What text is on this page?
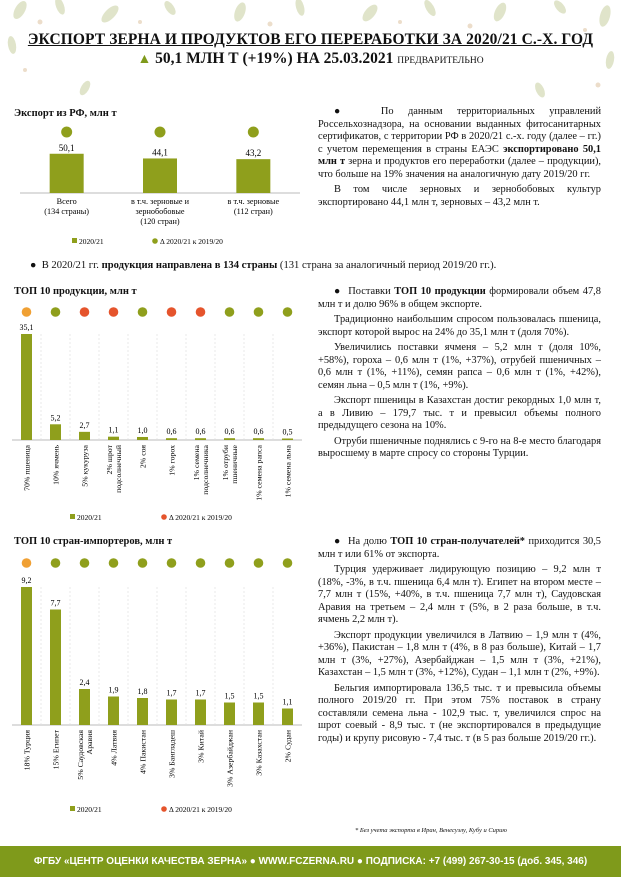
ЭКСПОРТ ЗЕРНА И ПРОДУКТОВ ЕГО ПЕРЕРАБОТКИ ЗА 2020/21 С.-Х. ГОД
▲ 50,1 МЛН Т (+19%) НА 25.03.2021 ПРЕДВАРИТЕЛЬНО
Экспорт из РФ, млн т
50,1
Всего
(134 страны)
44,1
в т.ч. зерновые и
зернобобовые
(120 стран)
43,2
в т.ч. зерновые
(112 стран)
2020/21	Δ 2020/21 к 2019/20

●  По данным территориальных управлений Россельхознадзора, на основании выданных фитосанитарных сертификатов, с территории РФ в 2020/21 с.-х. году (далее – гг.) с учетом перемещения в страны ЕАЭС экспортировано 50,1 млн т зерна и продуктов его переработки (далее – продукции), что больше на 19% значения на аналогичную дату 2019/20 гг.

В том числе зерновых и зернобобовых культур экспортировано 44,1 млн т, зерновых – 43,2 млн т.

●  В 2020/21 гг. продукция направлена в 134 страны (131 страна за аналогичный период 2019/20 гг.).
ТОП 10 продукции, млн т
35,1
70% пшеница
5,2
10% ячмень
2,7
5% кукуруза
1,1
2% шрот подсолнечный
1,0
2% соя
0,6
1% горох
0,6
1% семена подсолнечника
0,6
1% отруби пшеничные
0,6
1% семена рапса
0,5
1% семена льна
2020/21	Δ 2020/21 к 2019/20

●  Поставки ТОП 10 продукции формировали объем 47,8 млн т и долю 96% в общем экспорте.

Традиционно наибольшим спросом пользовалась пшеница, экспорт которой вырос на 24% до 35,1 млн т (доля 70%).

Увеличились поставки ячменя – 5,2 млн т (доля 10%, +58%), гороха – 0,6 млн т (1%, +37%), отрубей пшеничных – 0,6 млн т (1%, +11%), семян рапса – 0,6 млн т (1%, +42%), семян льна – 0,5 млн т (1%, +9%).

Экспорт пшеницы в Казахстан достиг рекордных 1,0 млн т, а в Ливию – 179,7 тыс. т и превысил объемы полного предыдущего сезона на 10%.

Отруби пшеничные поднялись с 9-го на 8-е место благодаря выросшему в марте спросу со стороны Турции.

ТОП 10 стран-импортеров, млн т
9,2
18% Турция
7,7
15% Египет
2,4
5% Саудовская Аравия
1,9
4% Латвия
1,8
4% Пакистан
1,7
3% Бангладеш
1,7
3% Китай
1,5
3% Азербайджан
1,5
3% Казахстан
1,1
2% Судан
2020/21	Δ 2020/21 к 2019/20

●  На долю ТОП 10 стран-получателей* приходится 30,5 млн т или 61% от экспорта.

Турция удерживает лидирующую позицию – 9,2 млн т (18%, -3%, в т.ч. пшеница 6,4 млн т). Египет на втором месте – 7,7 млн т (15%, +40%, в т.ч. пшеница 7,7 млн т), Саудовская Аравия на третьем – 2,4 млн т (5%, в 2 раза больше, в т.ч. ячмень 2,2 млн т).

Экспорт продукции увеличился в Латвию – 1,9 млн т (4%, +36%), Пакистан – 1,8 млн т (4%, в 8 раз больше), Китай – 1,7 млн т (3%, +27%), Азербайджан – 1,5 млн т (3%, +21%), Казахстан – 1,5 млн т (3%, +12%), Судан – 1,1 млн т (2%, +9%).

Бельгия импортировала 136,5 тыс. т и превысила объемы полного 2019/20 гг. При этом 75% поставок в страну составляли семена льна - 102,9 тыс. т, увеличился спрос на шрот соевый - 8,9 тыс. т (не экспортировался в предыдущие годы) и крупу рисовую - 7,4 тыс. т (в 5 раз больше 2019/20 гг.).

* Без учета экспорта в Иран, Венесуэлу, Кубу и Сирию
ФГБУ «ЦЕНТР ОЦЕНКИ КАЧЕСТВА ЗЕРНА» ● WWW.FCZERNA.RU ● ПОДПИСКА: +7 (499) 267-30-15 (доб. 345, 346)
